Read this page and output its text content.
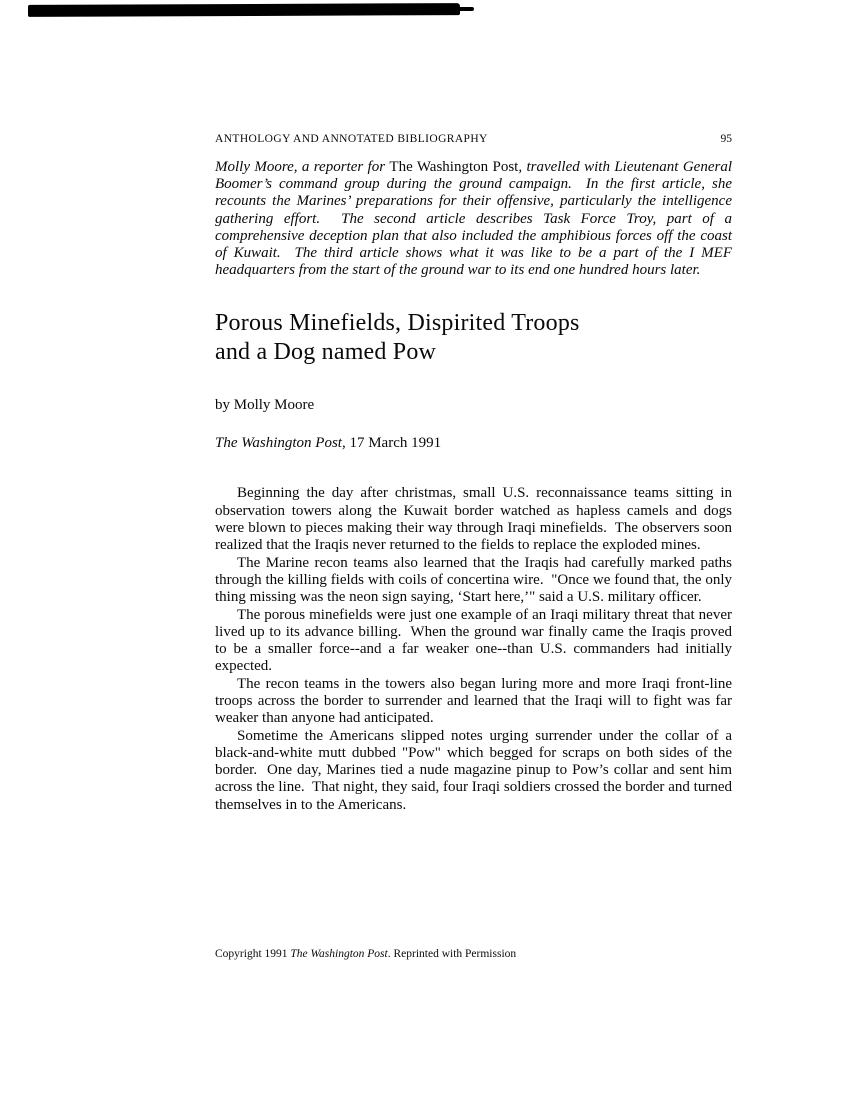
ANTHOLOGY AND ANNOTATED BIBLIOGRAPHY	95

Molly Moore, a reporter for The Washington Post, travelled with Lieutenant General Boomer’s command group during the ground campaign.  In the first article, she recounts the Marines’ preparations for their offensive, particularly the intelligence gathering effort.  The second article describes Task Force Troy, part of a comprehensive deception plan that also included the amphibious forces off the coast of Kuwait.  The third article shows what it was like to be a part of the I MEF headquarters from the start of the ground war to its end one hundred hours later.

Porous Minefields, Dispirited Troops
and a Dog named Pow

by Molly Moore

The Washington Post, 17 March 1991

Beginning the day after christmas, small U.S. reconnaissance teams sitting in observation towers along the Kuwait border watched as hapless camels and dogs were blown to pieces making their way through Iraqi minefields.  The observers soon realized that the Iraqis never returned to the fields to replace the exploded mines.

The Marine recon teams also learned that the Iraqis had carefully marked paths through the killing fields with coils of concertina wire.  "Once we found that, the only thing missing was the neon sign saying, ‘Start here,’" said a U.S. military officer.

The porous minefields were just one example of an Iraqi military threat that never lived up to its advance billing.  When the ground war finally came the Iraqis proved to be a smaller force--and a far weaker one--than U.S. commanders had initially expected.

The recon teams in the towers also began luring more and more Iraqi front-line troops across the border to surrender and learned that the Iraqi will to fight was far weaker than anyone had anticipated.

Sometime the Americans slipped notes urging surrender under the collar of a black-and-white mutt dubbed "Pow" which begged for scraps on both sides of the border.  One day, Marines tied a nude magazine pinup to Pow’s collar and sent him across the line.  That night, they said, four Iraqi soldiers crossed the border and turned themselves in to the Americans.

Copyright 1991 The Washington Post. Reprinted with Permission
